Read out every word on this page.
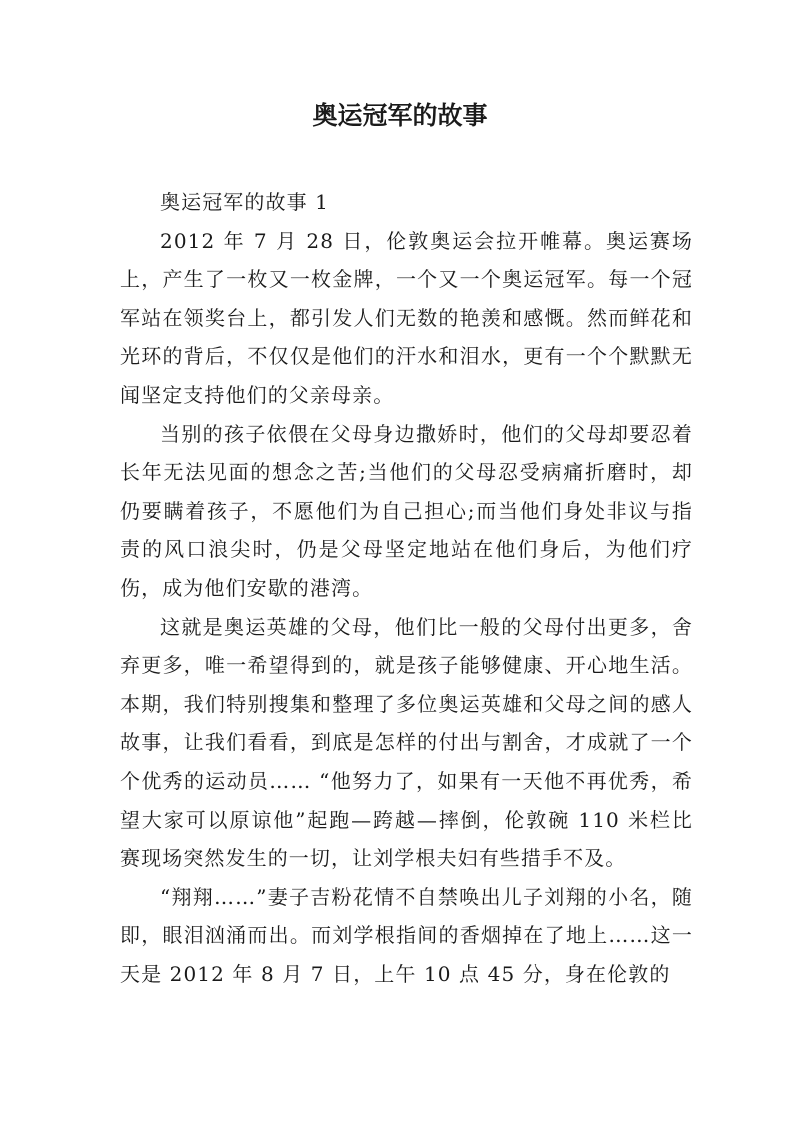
奥运冠军的故事

奥运冠军的故事 1

2012 年 7 月 28 日，伦敦奥运会拉开帷幕。奥运赛场上，产生了一枚又一枚金牌，一个又一个奥运冠军。每一个冠军站在领奖台上，都引发人们无数的艳羡和感慨。然而鲜花和光环的背后，不仅仅是他们的汗水和泪水，更有一个个默默无闻坚定支持他们的父亲母亲。

当别的孩子依偎在父母身边撒娇时，他们的父母却要忍着长年无法见面的想念之苦;当他们的父母忍受病痛折磨时，却仍要瞒着孩子，不愿他们为自己担心;而当他们身处非议与指责的风口浪尖时，仍是父母坚定地站在他们身后，为他们疗伤，成为他们安歇的港湾。

这就是奥运英雄的父母，他们比一般的父母付出更多，舍弃更多，唯一希望得到的，就是孩子能够健康、开心地生活。本期，我们特别搜集和整理了多位奥运英雄和父母之间的感人故事，让我们看看，到底是怎样的付出与割舍，才成就了一个个优秀的运动员…… “他努力了，如果有一天他不再优秀，希望大家可以原谅他”起跑—跨越—摔倒，伦敦碗 110 米栏比赛现场突然发生的一切，让刘学根夫妇有些措手不及。

“翔翔……”妻子吉粉花情不自禁唤出儿子刘翔的小名，随即，眼泪汹涌而出。而刘学根指间的香烟掉在了地上……这一天是 2012 年 8 月 7 日，上午 10 点 45 分，身在伦敦的
